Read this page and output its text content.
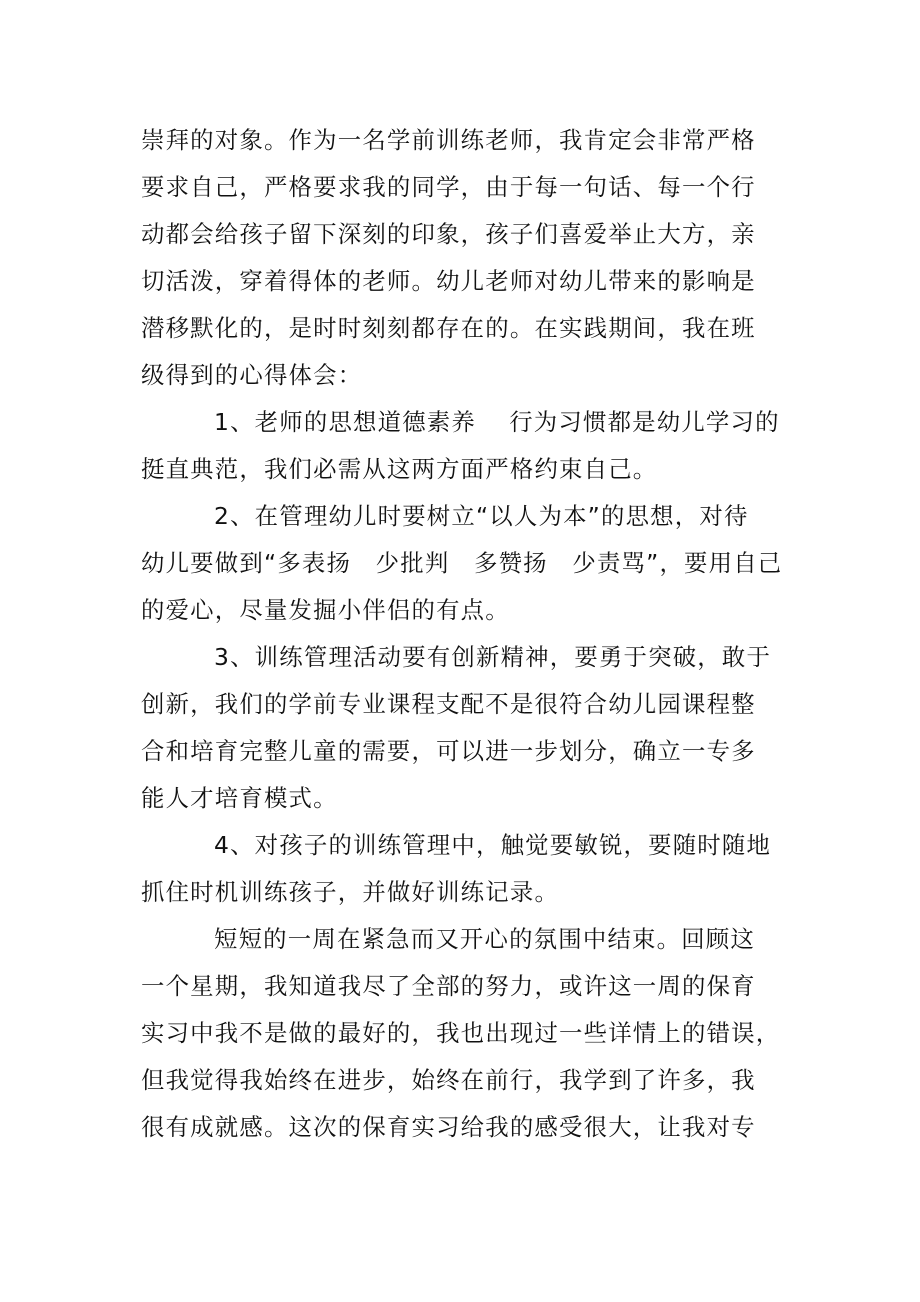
崇拜的对象。作为一名学前训练老师，我肯定会非常严格
要求自己，严格要求我的同学，由于每一句话、每一个行
动都会给孩子留下深刻的印象，孩子们喜爱举止大方，亲
切活泼，穿着得体的老师。幼儿老师对幼儿带来的影响是
潜移默化的，是时时刻刻都存在的。在实践期间，我在班
级得到的心得体会：
1、老师的思想道德素养　 行为习惯都是幼儿学习的
挺直典范，我们必需从这两方面严格约束自己。
2、在管理幼儿时要树立“以人为本”的思想，对待
幼儿要做到“多表扬　少批判　多赞扬　少责骂”，要用自己
的爱心，尽量发掘小伴侣的有点。
3、训练管理活动要有创新精神，要勇于突破，敢于
创新，我们的学前专业课程支配不是很符合幼儿园课程整
合和培育完整儿童的需要，可以进一步划分，确立一专多
能人才培育模式。
4、对孩子的训练管理中，触觉要敏锐，要随时随地
抓住时机训练孩子，并做好训练记录。
短短的一周在紧急而又开心的氛围中结束。回顾这
一个星期，我知道我尽了全部的努力，或许这一周的保育
实习中我不是做的最好的，我也出现过一些详情上的错误，
但我觉得我始终在进步，始终在前行，我学到了许多，我
很有成就感。这次的保育实习给我的感受很大，让我对专
